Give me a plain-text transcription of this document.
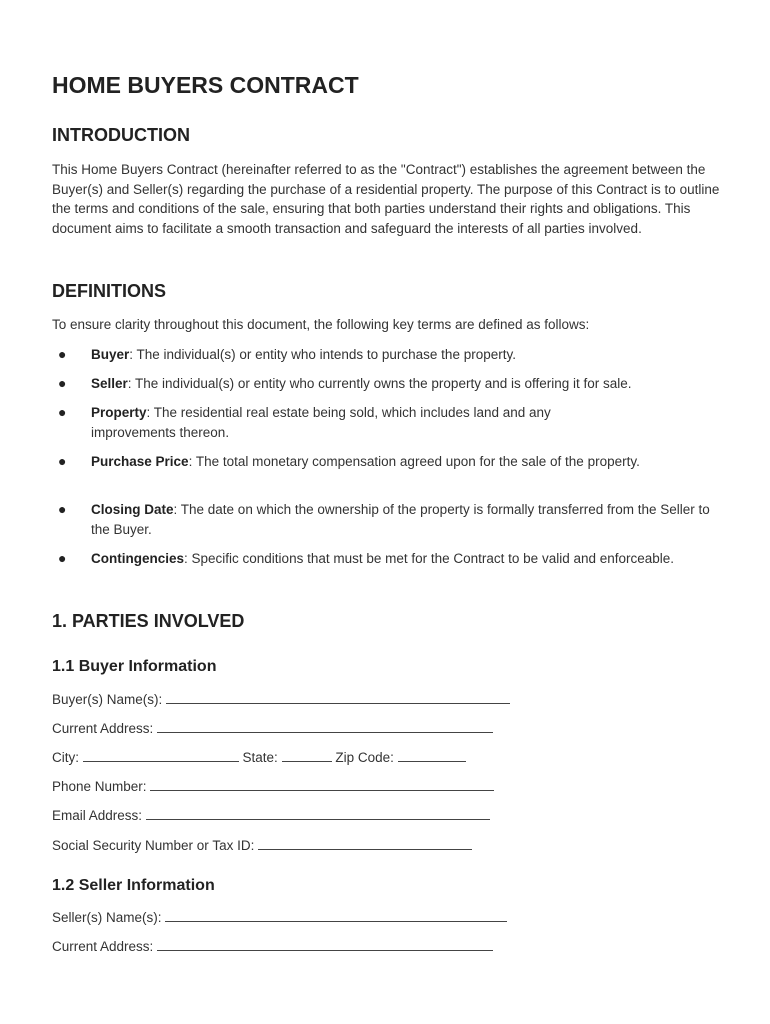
HOME BUYERS CONTRACT
INTRODUCTION
This Home Buyers Contract (hereinafter referred to as the "Contract") establishes the agreement between the Buyer(s) and Seller(s) regarding the purchase of a residential property. The purpose of this Contract is to outline the terms and conditions of the sale, ensuring that both parties understand their rights and obligations. This document aims to facilitate a smooth transaction and safeguard the interests of all parties involved.
DEFINITIONS
To ensure clarity throughout this document, the following key terms are defined as follows:
● Buyer: The individual(s) or entity who intends to purchase the property.
● Seller: The individual(s) or entity who currently owns the property and is offering it for sale.
● Property: The residential real estate being sold, which includes land and any improvements thereon.
● Purchase Price: The total monetary compensation agreed upon for the sale of the property.
● Closing Date: The date on which the ownership of the property is formally transferred from the Seller to the Buyer.
● Contingencies: Specific conditions that must be met for the Contract to be valid and enforceable.
1. PARTIES INVOLVED
1.1 Buyer Information
Buyer(s) Name(s):
Current Address:
City:	State:	Zip Code:
Phone Number:
Email Address:
Social Security Number or Tax ID:
1.2 Seller Information
Seller(s) Name(s):
Current Address:
